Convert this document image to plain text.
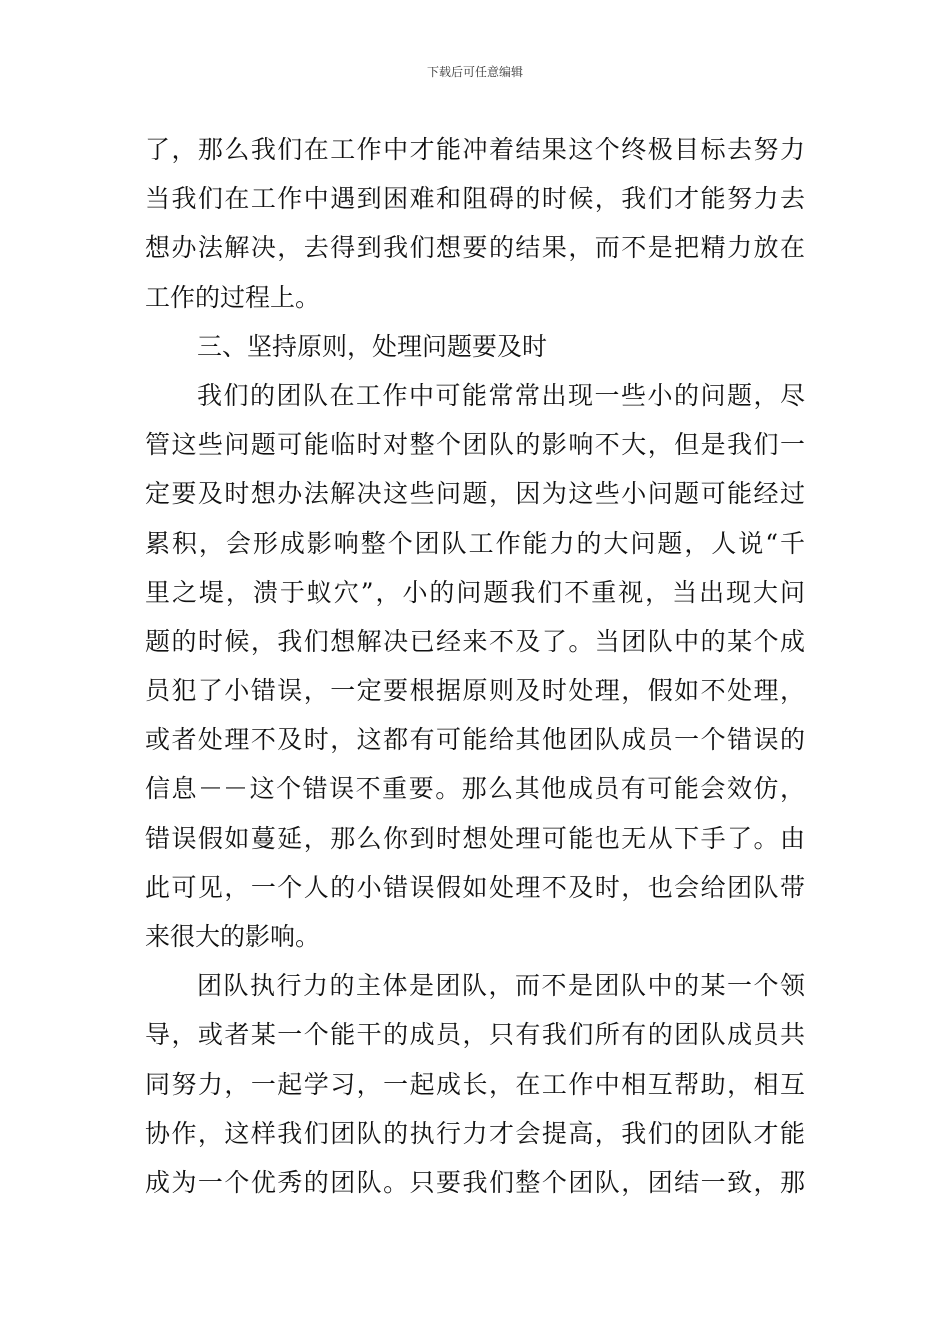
下载后可任意编辑
了，那么我们在工作中才能冲着结果这个终极目标去努力
当我们在工作中遇到困难和阻碍的时候，我们才能努力去
想办法解决，去得到我们想要的结果，而不是把精力放在
工作的过程上。
三、坚持原则，处理问题要及时
我们的团队在工作中可能常常出现一些小的问题，尽
管这些问题可能临时对整个团队的影响不大，但是我们一
定要及时想办法解决这些问题，因为这些小问题可能经过
累积，会形成影响整个团队工作能力的大问题，人说“千
里之堤，溃于蚁穴”，小的问题我们不重视，当出现大问
题的时候，我们想解决已经来不及了。当团队中的某个成
员犯了小错误，一定要根据原则及时处理，假如不处理，
或者处理不及时，这都有可能给其他团队成员一个错误的
信息－－这个错误不重要。那么其他成员有可能会效仿，
错误假如蔓延，那么你到时想处理可能也无从下手了。由
此可见，一个人的小错误假如处理不及时，也会给团队带
来很大的影响。
团队执行力的主体是团队，而不是团队中的某一个领
导，或者某一个能干的成员，只有我们所有的团队成员共
同努力，一起学习，一起成长，在工作中相互帮助，相互
协作，这样我们团队的执行力才会提高，我们的团队才能
成为一个优秀的团队。只要我们整个团队，团结一致，那
